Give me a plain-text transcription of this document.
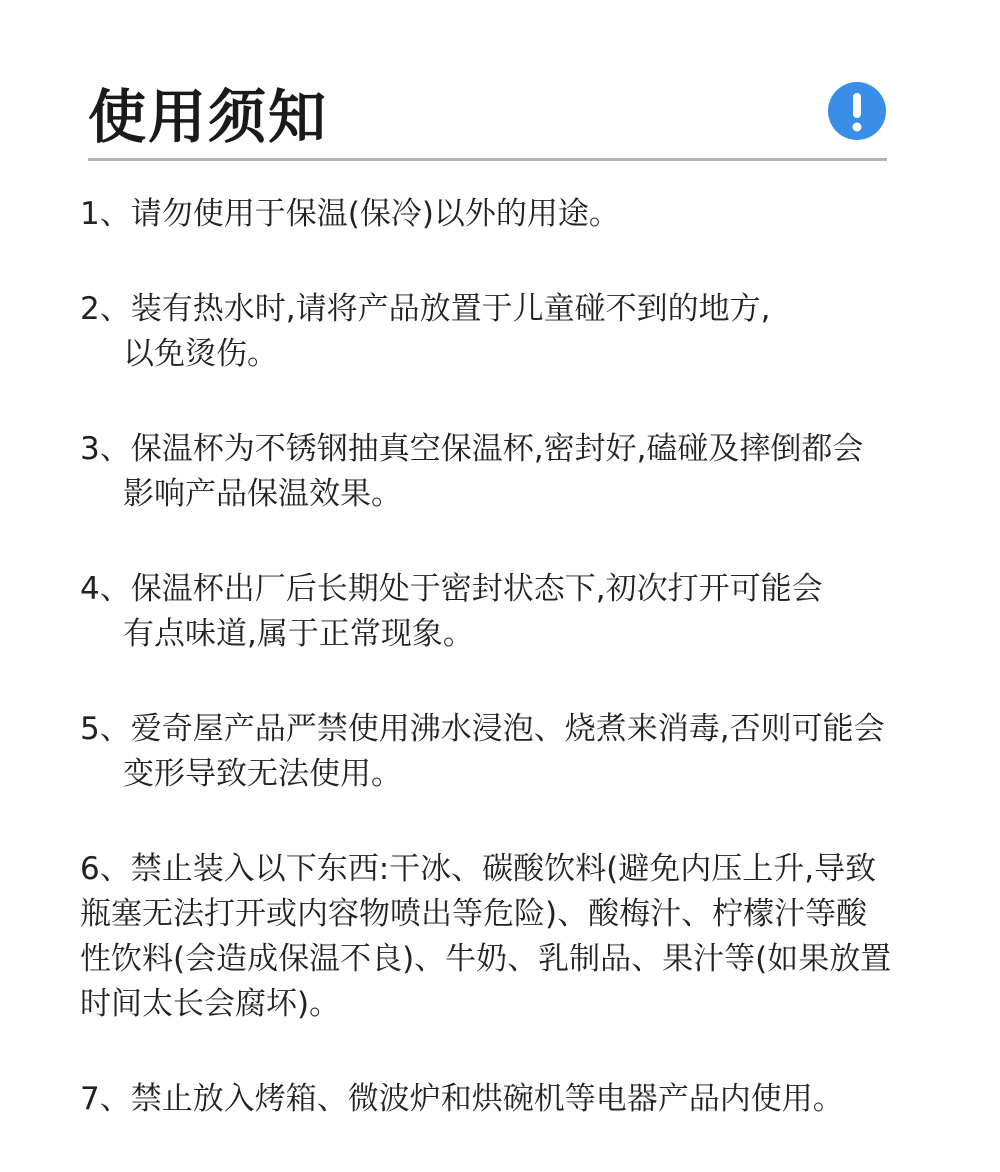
使用须知
1、请勿使用于保温(保冷)以外的用途。
2、装有热水时,请将产品放置于儿童碰不到的地方,
以免烫伤。
3、保温杯为不锈钢抽真空保温杯,密封好,磕碰及摔倒都会
影响产品保温效果。
4、保温杯出厂后长期处于密封状态下,初次打开可能会
有点味道,属于正常现象。
5、爱奇屋产品严禁使用沸水浸泡、烧煮来消毒,否则可能会
变形导致无法使用。
6、禁止装入以下东西:干冰、碳酸饮料(避免内压上升,导致
瓶塞无法打开或内容物喷出等危险)、酸梅汁、柠檬汁等酸
性饮料(会造成保温不良)、牛奶、乳制品、果汁等(如果放置
时间太长会腐坏)。
7、禁止放入烤箱、微波炉和烘碗机等电器产品内使用。
